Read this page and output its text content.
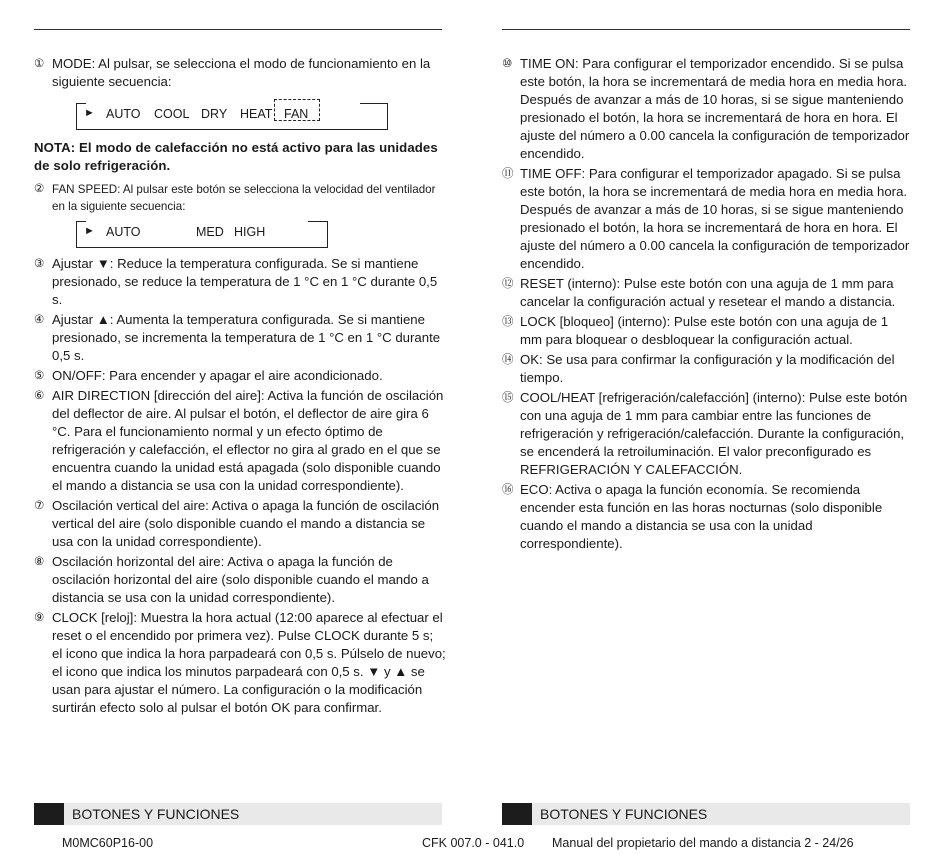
① MODE: Al pulsar, se selecciona el modo de funcionamiento en la siguiente secuencia:
► AUTO COOL DRY HEAT FAN
NOTA: El modo de calefacción no está activo para las unidades de solo refrigeración.
② FAN SPEED: Al pulsar este botón se selecciona la velocidad del ventilador en la siguiente secuencia:
► AUTO	MED HIGH
③ Ajustar ▼: Reduce la temperatura configurada. Se si mantiene presionado, se reduce la temperatura de 1 °C en 1 °C durante 0,5 s.
④ Ajustar ▲: Aumenta la temperatura configurada. Se si mantiene presionado, se incrementa la temperatura de 1 °C en 1 °C durante 0,5 s.
⑤ ON/OFF: Para encender y apagar el aire acondicionado.
⑥ AIR DIRECTION [dirección del aire]: Activa la función de oscilación del deflector de aire. Al pulsar el botón, el deflector de aire gira 6 °C. Para el funcionamiento normal y un efecto óptimo de refrigeración y calefacción, el eflector no gira al grado en el que se encuentra cuando la unidad está apagada (solo disponible cuando el mando a distancia se usa con la unidad correspondiente).
⑦ Oscilación vertical del aire: Activa o apaga la función de oscilación vertical del aire (solo disponible cuando el mando a distancia se usa con la unidad correspondiente).
⑧ Oscilación horizontal del aire: Activa o apaga la función de oscilación horizontal del aire (solo disponible cuando el mando a distancia se usa con la unidad correspondiente).
⑨ CLOCK [reloj]: Muestra la hora actual (12:00 aparece al efectuar el reset o el encendido por primera vez). Pulse CLOCK durante 5 s; el icono que indica la hora parpadeará con 0,5 s. Púlselo de nuevo; el icono que indica los minutos parpadeará con 0,5 s. ▼ y ▲ se usan para ajustar el número. La configuración o la modificación surtirán efecto solo al pulsar el botón OK para confirmar.
⑩ TIME ON: Para configurar el temporizador encendido. Si se pulsa este botón, la hora se incrementará de media hora en media hora. Después de avanzar a más de 10 horas, si se sigue manteniendo presionado el botón, la hora se incrementará de hora en hora. El ajuste del número a 0.00 cancela la configuración de temporizador encendido.
⑪ TIME OFF: Para configurar el temporizador apagado. Si se pulsa este botón, la hora se incrementará de media hora en media hora. Después de avanzar a más de 10 horas, si se sigue manteniendo presionado el botón, la hora se incrementará de hora en hora. El ajuste del número a 0.00 cancela la configuración de temporizador encendido.
⑫ RESET (interno): Pulse este botón con una aguja de 1 mm para cancelar la configuración actual y resetear el mando a distancia.
⑬ LOCK [bloqueo] (interno): Pulse este botón con una aguja de 1 mm para bloquear o desbloquear la configuración actual.
⑭ OK: Se usa para confirmar la configuración y la modificación del tiempo.
⑮ COOL/HEAT [refrigeración/calefacción] (interno): Pulse este botón con una aguja de 1 mm para cambiar entre las funciones de refrigeración y refrigeración/calefacción. Durante la configuración, se encenderá la retroiluminación. El valor preconfigurado es REFRIGERACIÓN Y CALEFACCIÓN.
⑯ ECO: Activa o apaga la función economía. Se recomienda encender esta función en las horas nocturnas (solo disponible cuando el mando a distancia se usa con la unidad correspondiente).
BOTONES Y FUNCIONES	BOTONES Y FUNCIONES
M0MC60P16-00	CFK 007.0 - 041.0 Manual del propietario del mando a distancia 2 - 24/26
